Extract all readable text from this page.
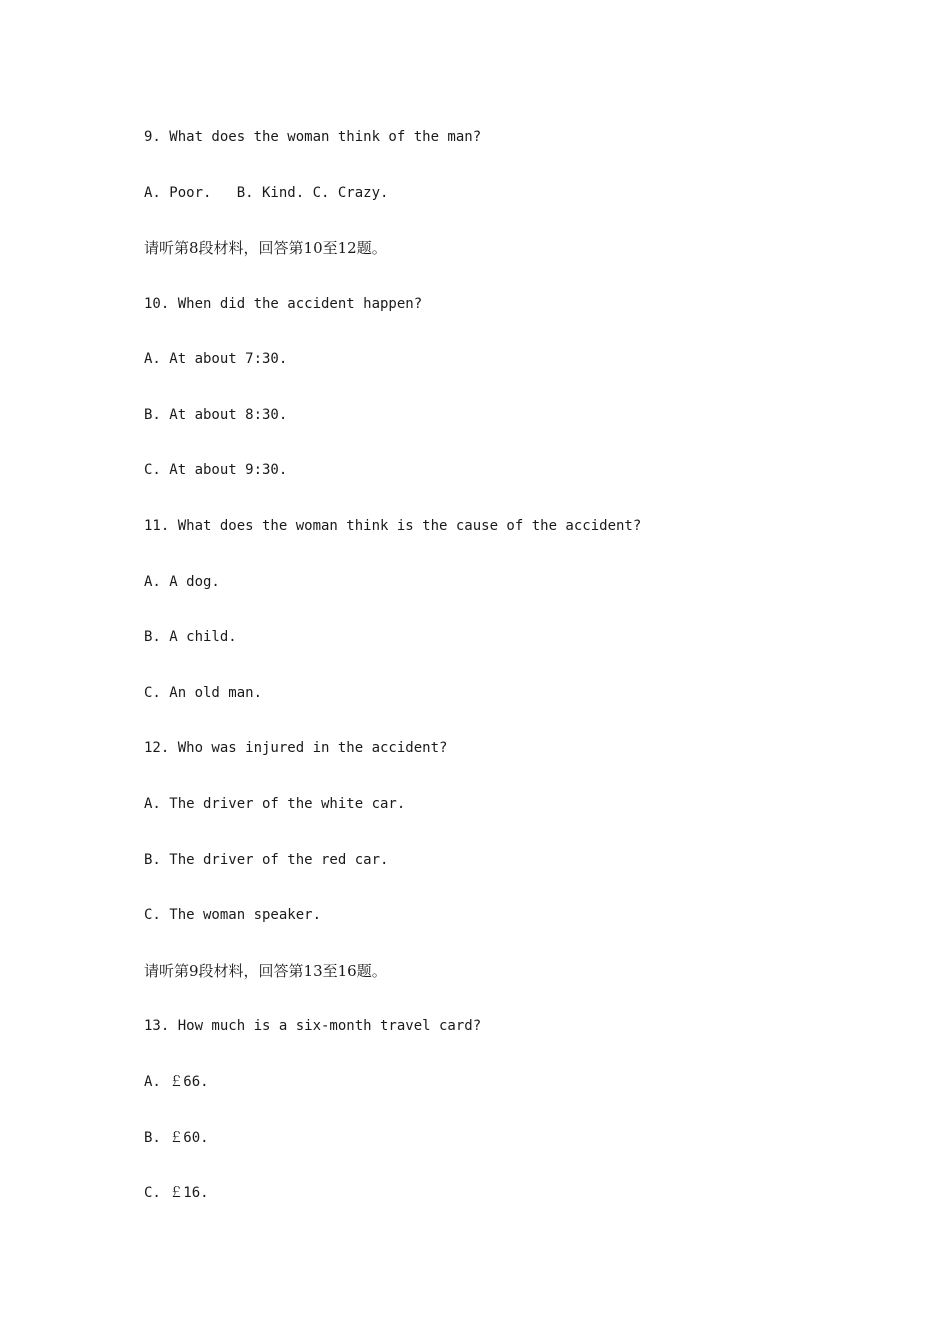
9. What does the woman think of the man?
A. Poor.   B. Kind. C. Crazy.
请听第8段材料，回答第10至12题。
10. When did the accident happen?
A. At about 7:30.
B. At about 8:30.
C. At about 9:30.
11. What does the woman think is the cause of the accident?
A. A dog.
B. A child.
C. An old man.
12. Who was injured in the accident?
A. The driver of the white car.
B. The driver of the red car.
C. The woman speaker.
请听第9段材料，回答第13至16题。
13. How much is a six-month travel card?
A. ￡66.
B. ￡60.
C. ￡16.
